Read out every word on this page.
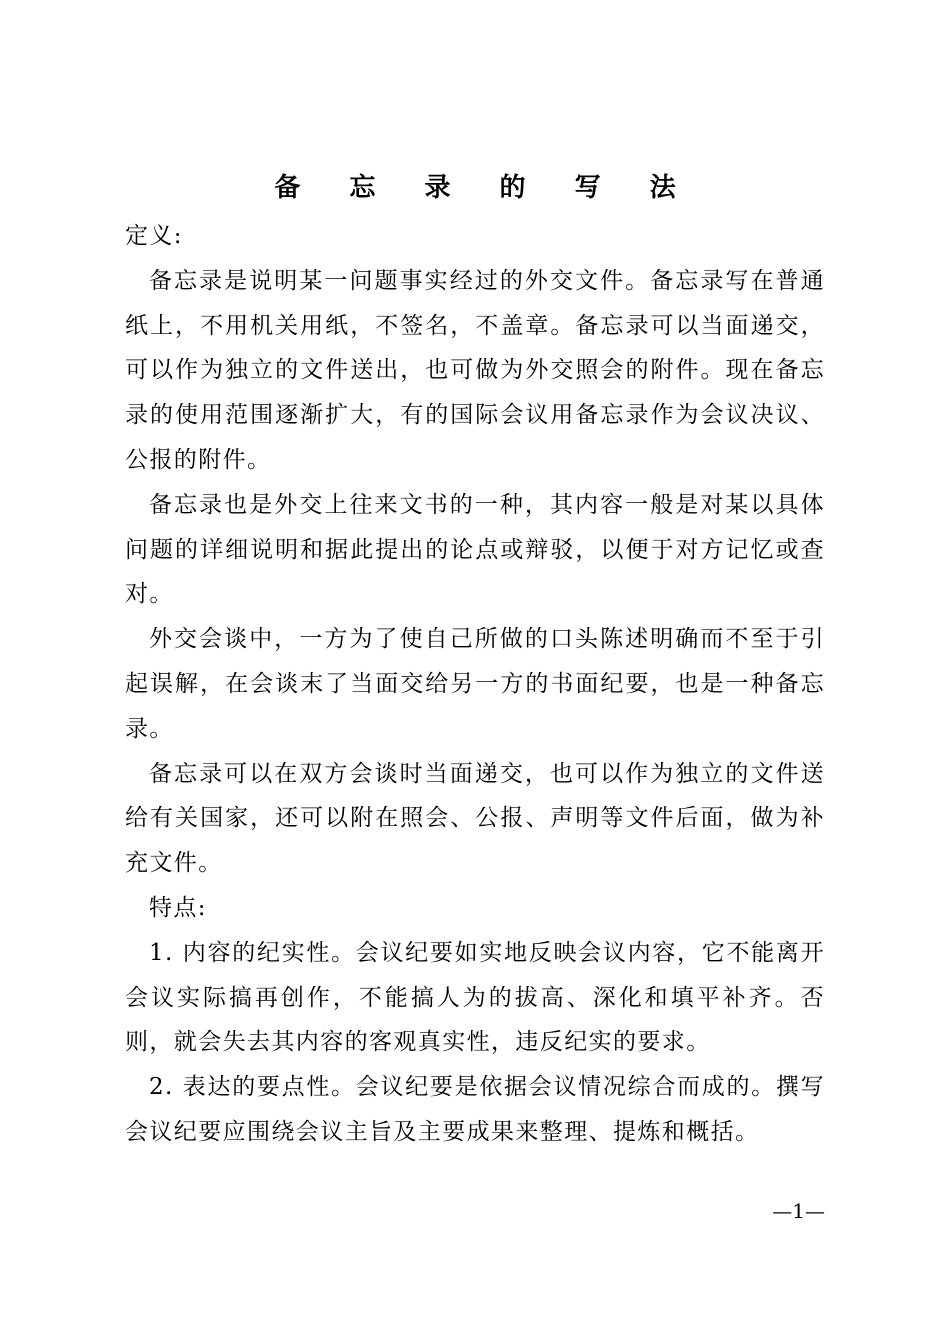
备 忘 录 的 写 法

定义:

备忘录是说明某一问题事实经过的外交文件。备忘录写在普通纸上，不用机关用纸，不签名，不盖章。备忘录可以当面递交，可以作为独立的文件送出，也可做为外交照会的附件。现在备忘录的使用范围逐渐扩大，有的国际会议用备忘录作为会议决议、公报的附件。

备忘录也是外交上往来文书的一种，其内容一般是对某以具体问题的详细说明和据此提出的论点或辩驳，以便于对方记忆或查对。

外交会谈中，一方为了使自己所做的口头陈述明确而不至于引起误解，在会谈末了当面交给另一方的书面纪要，也是一种备忘录。

备忘录可以在双方会谈时当面递交，也可以作为独立的文件送给有关国家，还可以附在照会、公报、声明等文件后面，做为补充文件。

特点:

1. 内容的纪实性。会议纪要如实地反映会议内容，它不能离开会议实际搞再创作，不能搞人为的拔高、深化和填平补齐。否则，就会失去其内容的客观真实性，违反纪实的要求。

2. 表达的要点性。会议纪要是依据会议情况综合而成的。撰写会议纪要应围绕会议主旨及主要成果来整理、提炼和概括。

—1—
